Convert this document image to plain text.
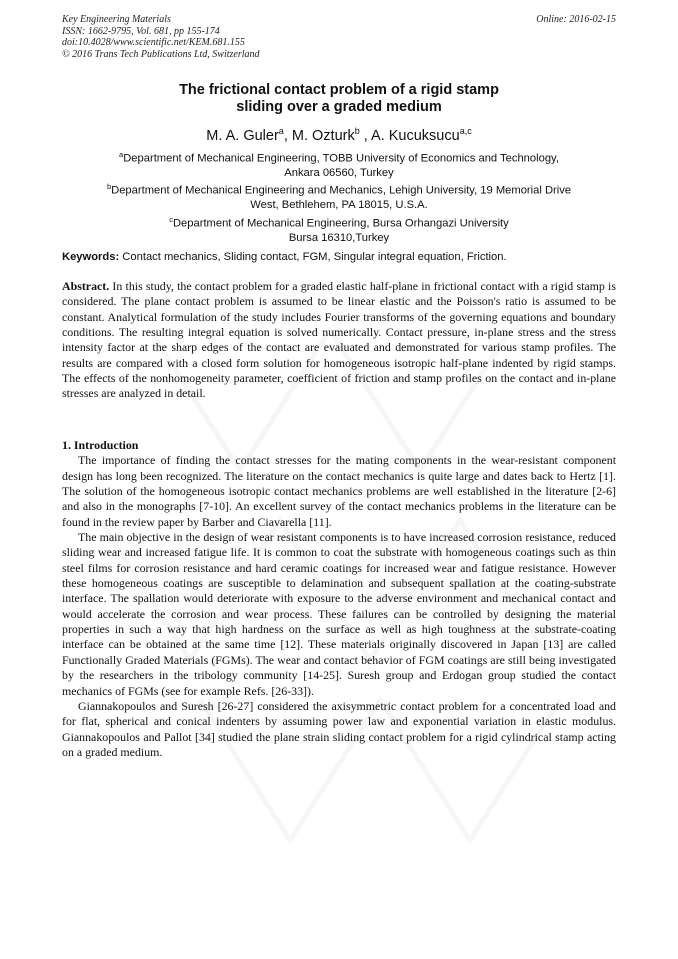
Key Engineering Materials
ISSN: 1662-9795, Vol. 681, pp 155-174
doi:10.4028/www.scientific.net/KEM.681.155
© 2016 Trans Tech Publications Ltd, Switzerland
Online: 2016-02-15
The frictional contact problem of a rigid stamp
sliding over a graded medium
M. A. Guler$^a$, M. Ozturk$^b$ , A. Kucuksucu$^{a,c}$
$^a$Department of Mechanical Engineering, TOBB University of Economics and Technology,
Ankara 06560, Turkey
$^b$Department of Mechanical Engineering and Mechanics, Lehigh University, 19 Memorial Drive
West, Bethlehem, PA 18015, U.S.A.
$^c$Department of Mechanical Engineering, Bursa Orhangazi University
Bursa 16310,Turkey
Keywords: Contact mechanics, Sliding contact, FGM, Singular integral equation, Friction.
Abstract. In this study, the contact problem for a graded elastic half-plane in frictional contact with a rigid stamp is considered. The plane contact problem is assumed to be linear elastic and the Poisson's ratio is assumed to be constant. Analytical formulation of the study includes Fourier transforms of the governing equations and boundary conditions. The resulting integral equation is solved numerically. Contact pressure, in-plane stress and the stress intensity factor at the sharp edges of the contact are evaluated and demonstrated for various stamp profiles. The results are compared with a closed form solution for homogeneous isotropic half-plane indented by rigid stamps. The effects of the nonhomogeneity parameter, coefficient of friction and stamp profiles on the contact and in-plane stresses are analyzed in detail.
1. Introduction

The importance of finding the contact stresses for the mating components in the wear-resistant component design has long been recognized. The literature on the contact mechanics is quite large and dates back to Hertz [1]. The solution of the homogeneous isotropic contact mechanics problems are well established in the literature [2-6] and also in the monographs [7-10]. An excellent survey of the contact mechanics problems in the literature can be found in the review paper by Barber and Ciavarella [11].

The main objective in the design of wear resistant components is to have increased corrosion resistance, reduced sliding wear and increased fatigue life. It is common to coat the substrate with homogeneous coatings such as thin steel films for corrosion resistance and hard ceramic coatings for increased wear and fatigue resistance. However these homogeneous coatings are susceptible to delamination and subsequent spallation at the coating-substrate interface. The spallation would deteriorate with exposure to the adverse environment and mechanical contact and would accelerate the corrosion and wear process. These failures can be controlled by designing the material properties in such a way that high hardness on the surface as well as high toughness at the substrate-coating interface can be obtained at the same time [12]. These materials originally discovered in Japan [13] are called Functionally Graded Materials (FGMs). The wear and contact behavior of FGM coatings are still being investigated by the researchers in the tribology community [14-25]. Suresh group and Erdogan group studied the contact mechanics of FGMs (see for example Refs. [26-33]).

Giannakopoulos and Suresh [26-27] considered the axisymmetric contact problem for a concentrated load and for flat, spherical and conical indenters by assuming power law and exponential variation in elastic modulus. Giannakopoulos and Pallot [34] studied the plane strain sliding contact problem for a rigid cylindrical stamp acting on a graded medium.
